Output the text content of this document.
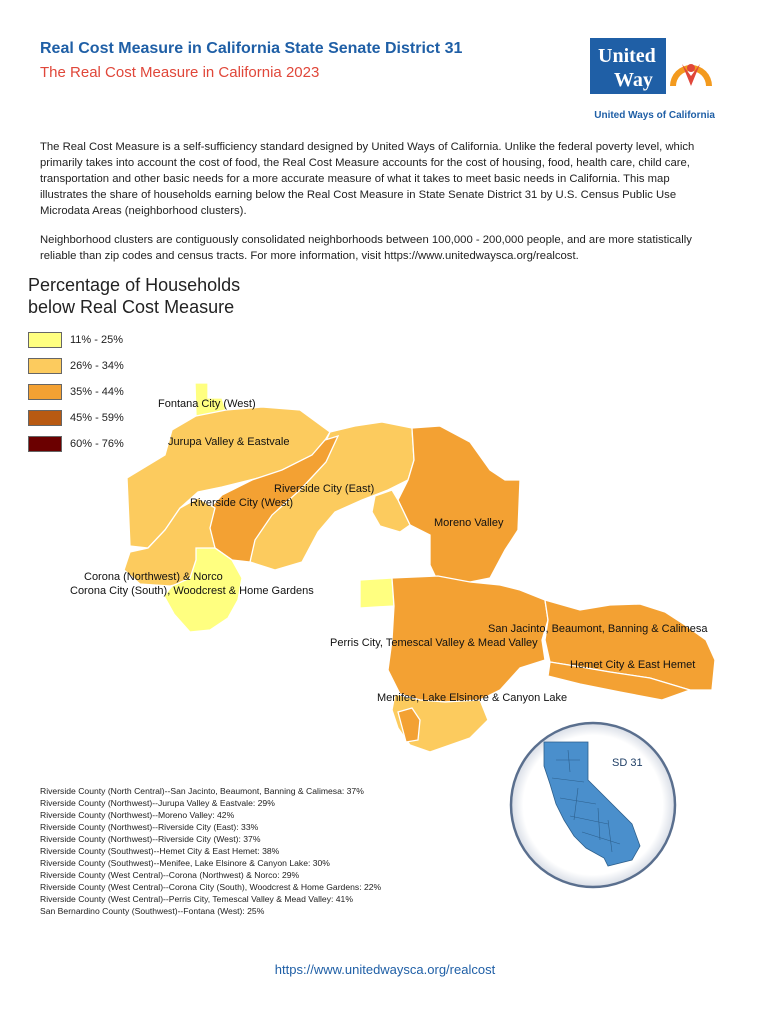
Real Cost Measure in California State Senate District 31
The Real Cost Measure in California 2023
United
Way
United Ways of California
The Real Cost Measure is a self-sufficiency standard designed by United Ways of California. Unlike the federal poverty level, which primarily takes into account the cost of food, the Real Cost Measure accounts for the cost of housing, food, health care, child care, transportation and other basic needs for a more accurate measure of what it takes to meet basic needs in California. This map illustrates the share of households earning below the Real Cost Measure in State Senate District 31 by U.S. Census Public Use Microdata Areas (neighborhood clusters).
Neighborhood clusters are contiguously consolidated neighborhoods between 100,000 - 200,000 people, and are more statistically reliable than zip codes and census tracts. For more information, visit https://www.unitedwaysca.org/realcost.
Percentage of Households
below Real Cost Measure
11% - 25%
26% - 34%
35% - 44%
45% - 59%
60% - 76%
Fontana City (West)
Jurupa Valley & Eastvale
Riverside City (East)
Riverside City (West)
Moreno Valley
Corona (Northwest) & Norco
Corona City (South), Woodcrest & Home Gardens
San Jacinto, Beaumont, Banning & Calimesa
Perris City, Temescal Valley & Mead Valley
Hemet City & East Hemet
Menifee, Lake Elsinore & Canyon Lake
SD 31
Riverside County (North Central)--San Jacinto, Beaumont, Banning & Calimesa: 37%
Riverside County (Northwest)--Jurupa Valley & Eastvale: 29%
Riverside County (Northwest)--Moreno Valley: 42%
Riverside County (Northwest)--Riverside City (East): 33%
Riverside County (Northwest)--Riverside City (West): 37%
Riverside County (Southwest)--Hemet City & East Hemet: 38%
Riverside County (Southwest)--Menifee, Lake Elsinore & Canyon Lake: 30%
Riverside County (West Central)--Corona (Northwest) & Norco: 29%
Riverside County (West Central)--Corona City (South), Woodcrest & Home Gardens: 22%
Riverside County (West Central)--Perris City, Temescal Valley & Mead Valley: 41%
San Bernardino County (Southwest)--Fontana (West): 25%
https://www.unitedwaysca.org/realcost
